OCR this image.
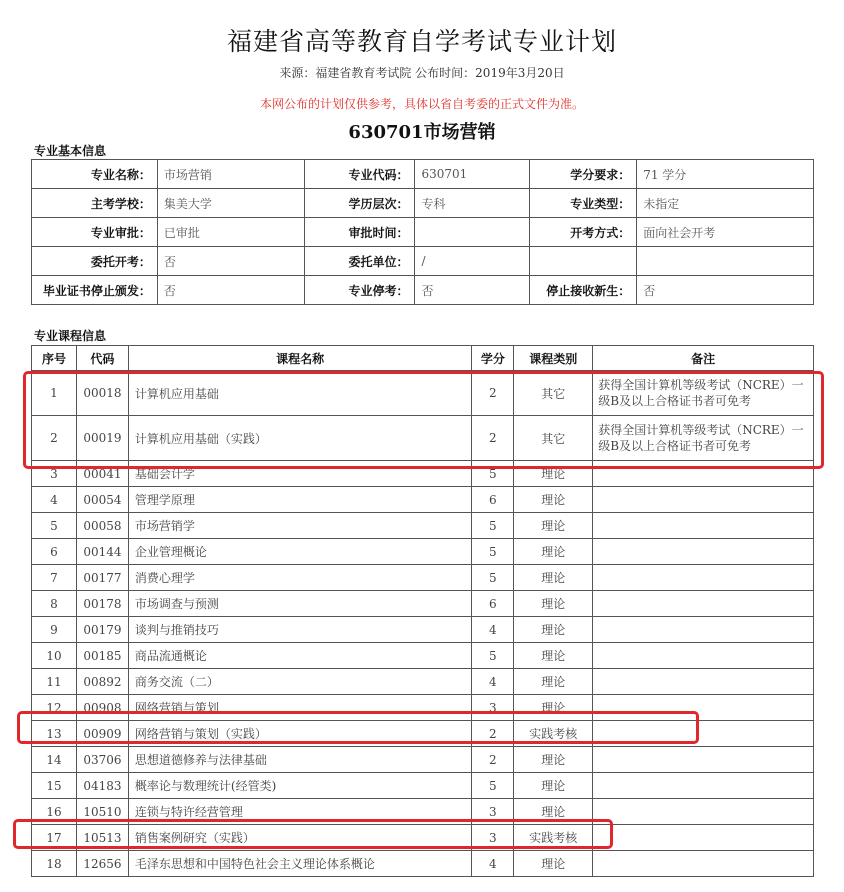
福建省高等教育自学考试专业计划
来源：福建省教育考试院 公布时间：2019年3月20日
本网公布的计划仅供参考，具体以省自考委的正式文件为准。
630701市场营销
专业基本信息
专业名称：	市场营销	专业代码：	630701	学分要求：	71 学分
主考学校：	集美大学	学历层次：	专科	专业类型：	未指定
专业审批：	已审批	审批时间：		开考方式：	面向社会开考
委托开考：	否	委托单位：	/		
毕业证书停止颁发：	否	专业停考：	否	停止接收新生：	否
专业课程信息
序号	代码	课程名称	学分	课程类别	备注
1	00018	计算机应用基础	2	其它	获得全国计算机等级考试（NCRE）一级B及以上合格证书者可免考
2	00019	计算机应用基础（实践）	2	其它	获得全国计算机等级考试（NCRE）一级B及以上合格证书者可免考
3	00041	基础会计学	5	理论	
4	00054	管理学原理	6	理论	
5	00058	市场营销学	5	理论	
6	00144	企业管理概论	5	理论	
7	00177	消费心理学	5	理论	
8	00178	市场调查与预测	6	理论	
9	00179	谈判与推销技巧	4	理论	
10	00185	商品流通概论	5	理论	
11	00892	商务交流（二）	4	理论	
12	00908	网络营销与策划	3	理论	
13	00909	网络营销与策划（实践）	2	实践考核	
14	03706	思想道德修养与法律基础	2	理论	
15	04183	概率论与数理统计(经管类)	5	理论	
16	10510	连锁与特许经营管理	3	理论	
17	10513	销售案例研究（实践）	3	实践考核	
18	12656	毛泽东思想和中国特色社会主义理论体系概论	4	理论	
